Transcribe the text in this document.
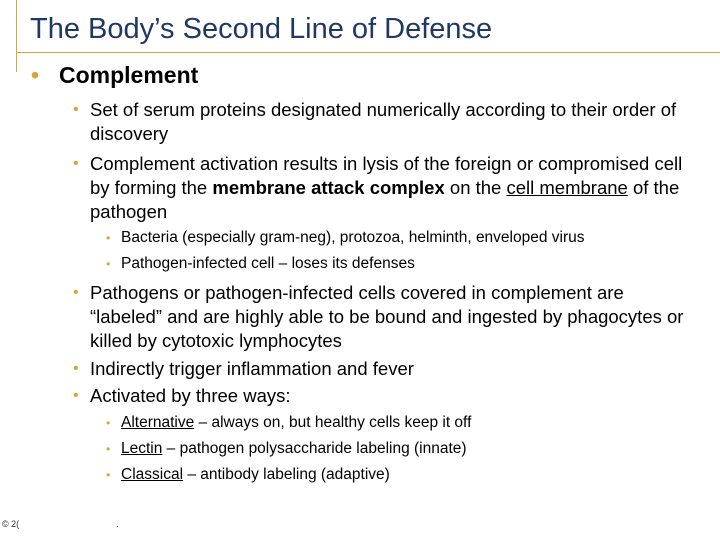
The Body’s Second Line of Defense

• Complement

• Set of serum proteins designated numerically according to their order of discovery

• Complement activation results in lysis of the foreign or compromised cell by forming the membrane attack complex on the cell membrane of the pathogen

• Bacteria (especially gram-neg), protozoa, helminth, enveloped virus

• Pathogen-infected cell – loses its defenses

• Pathogens or pathogen-infected cells covered in complement are “labeled” and are highly able to be bound and ingested by phagocytes or killed by cytotoxic lymphocytes

• Indirectly trigger inflammation and fever

• Activated by three ways:

• Alternative – always on, but healthy cells keep it off

• Lectin – pathogen polysaccharide labeling (innate)

• Classical – antibody labeling (adaptive)

© 2(	.
